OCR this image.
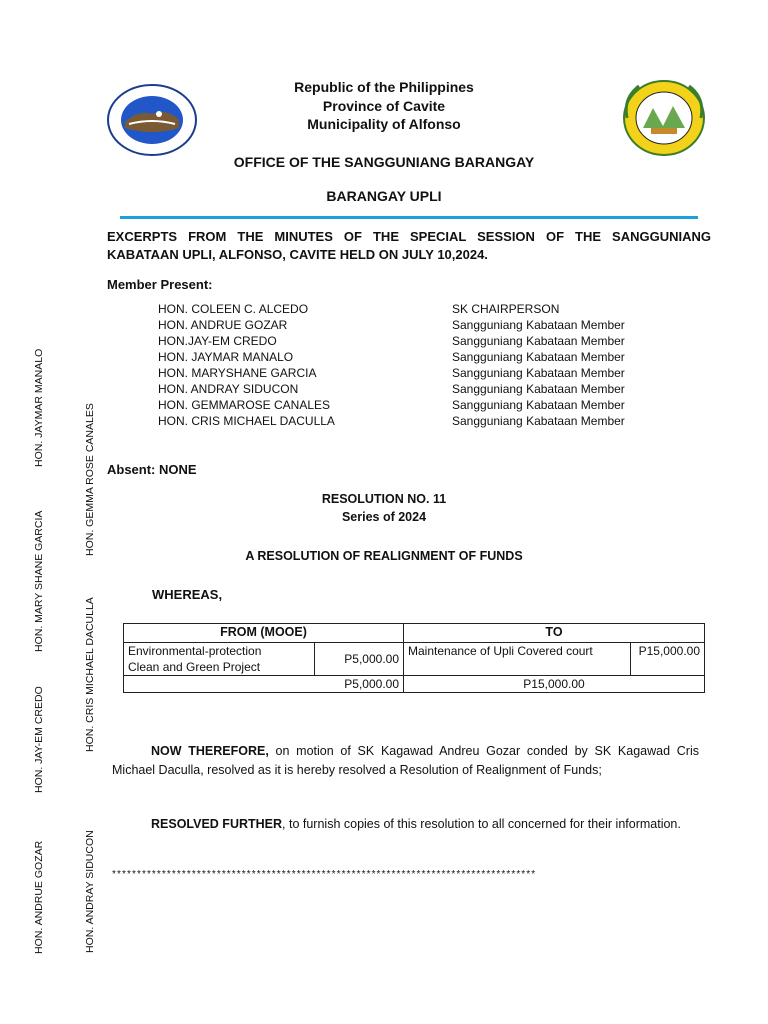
Republic of the Philippines
Province of Cavite
Municipality of Alfonso
OFFICE OF THE SANGGUNIANG BARANGAY
BARANGAY UPLI
EXCERPTS FROM THE MINUTES OF THE SPECIAL SESSION OF THE SANGGUNIANG KABATAAN UPLI, ALFONSO, CAVITE HELD ON JULY 10,2024.
Member Present:
HON. COLEEN C. ALCEDO	SK CHAIRPERSON
HON. ANDRUE GOZAR	Sangguniang Kabataan Member
HON.JAY-EM CREDO	Sangguniang Kabataan Member
HON. JAYMAR MANALO	Sangguniang Kabataan Member
HON. MARYSHANE GARCIA	Sangguniang Kabataan Member
HON. ANDRAY SIDUCON	Sangguniang Kabataan Member
HON. GEMMAROSE CANALES	Sangguniang Kabataan Member
HON. CRIS MICHAEL DACULLA	Sangguniang Kabataan Member
Absent: NONE
RESOLUTION NO. 11
Series of 2024
A RESOLUTION OF REALIGNMENT OF FUNDS
WHEREAS,
FROM (MOOE)		TO	

Environmental-protection
Clean and Green Project	P5,000.00	Maintenance of Upli Covered court	P15,000.00
P5,000.00		P15,000.00	
NOW THEREFORE, on motion of SK Kagawad Andreu Gozar conded by SK Kagawad Cris Michael Daculla, resolved as it is hereby resolved a Resolution of Realignment of Funds;
RESOLVED FURTHER, to furnish copies of this resolution to all concerned for their information.
*************************************************************************************
HON. JAYMAR MANALO
HON. MARY SHANE GARCIA
HON. JAY-EM CREDO
HON. ANDRUE GOZAR
HON. GEMMA ROSE CANALES
HON. CRIS MICHAEL DACULLA
HON. ANDRAY SIDUCON
